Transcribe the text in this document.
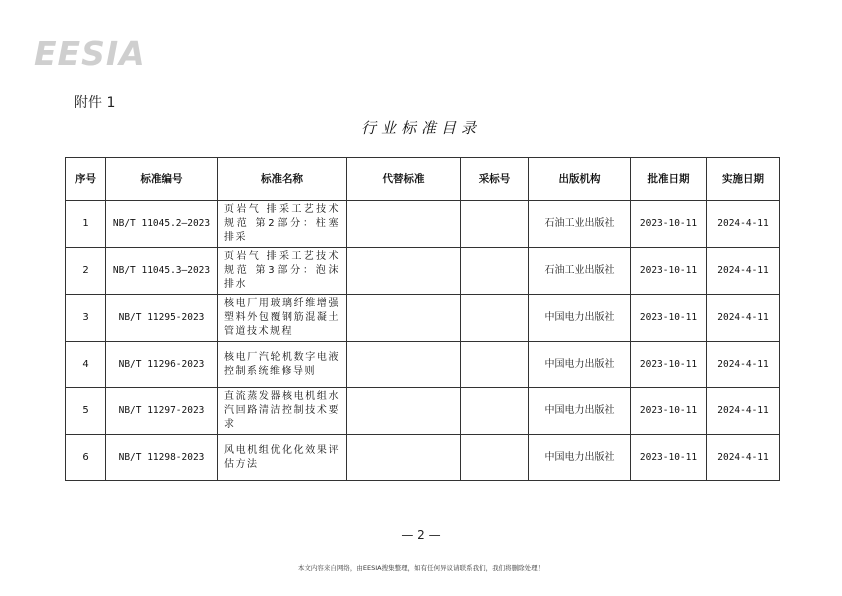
EESIA
附件 1
行业标准目录
序号	标准编号	标准名称	代替标准	采标号	出版机构	批准日期	实施日期
1	NB/T 11045.2—2023	页岩气 排采工艺技术规范 第2部分：柱塞排采			石油工业出版社	2023-10-11	2024-4-11
2	NB/T 11045.3—2023	页岩气 排采工艺技术规范 第3部分：泡沫排水			石油工业出版社	2023-10-11	2024-4-11
3	NB/T 11295-2023	核电厂用玻璃纤维增强塑料外包覆钢筋混凝土管道技术规程			中国电力出版社	2023-10-11	2024-4-11
4	NB/T 11296-2023	核电厂汽轮机数字电液控制系统维修导则			中国电力出版社	2023-10-11	2024-4-11
5	NB/T 11297-2023	直流蒸发器核电机组水汽回路清洁控制技术要求			中国电力出版社	2023-10-11	2024-4-11
6	NB/T 11298-2023	风电机组优化化效果评估方法			中国电力出版社	2023-10-11	2024-4-11
— 2 —
本文内容来自网络，由EESIA搜集整理，如有任何异议请联系我们，我们将删除处理！
